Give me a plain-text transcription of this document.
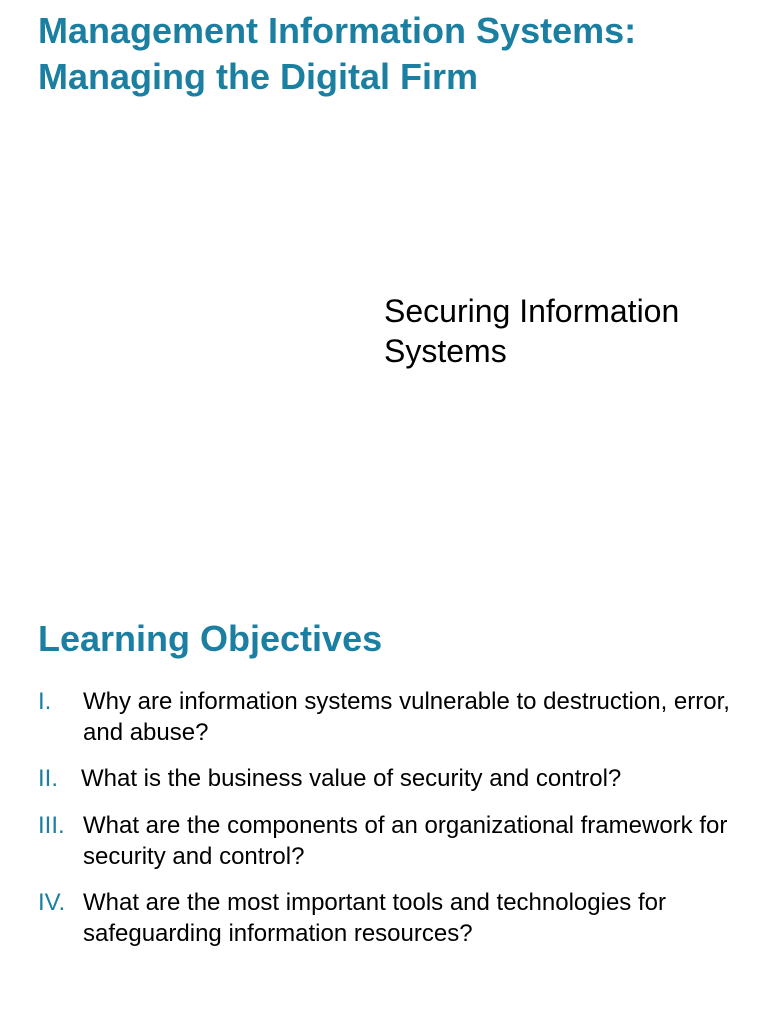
Management Information Systems:
Managing the Digital Firm
Securing Information
Systems
Learning Objectives
I.	Why are information systems vulnerable to destruction, error, and abuse?
II. What is the business value of security and control?
III. What are the components of an organizational framework for security and control?
IV. What are the most important tools and technologies for safeguarding information resources?
